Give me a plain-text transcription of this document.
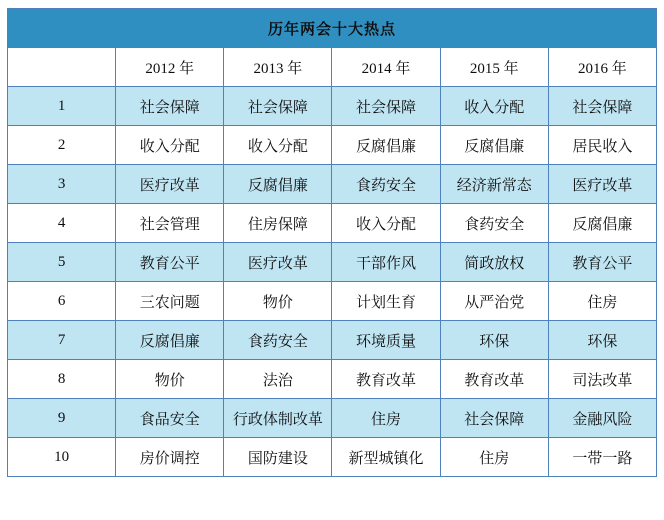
历年两会十大热点					
	2012 年	2013 年	2014 年	2015 年	2016 年
1	社会保障	社会保障	社会保障	收入分配	社会保障
2	收入分配	收入分配	反腐倡廉	反腐倡廉	居民收入
3	医疗改革	反腐倡廉	食药安全	经济新常态	医疗改革
4	社会管理	住房保障	收入分配	食药安全	反腐倡廉
5	教育公平	医疗改革	干部作风	简政放权	教育公平
6	三农问题	物价	计划生育	从严治党	住房
7	反腐倡廉	食药安全	环境质量	环保	环保
8	物价	法治	教育改革	教育改革	司法改革
9	食品安全	行政体制改革	住房	社会保障	金融风险
10	房价调控	国防建设	新型城镇化	住房	一带一路
